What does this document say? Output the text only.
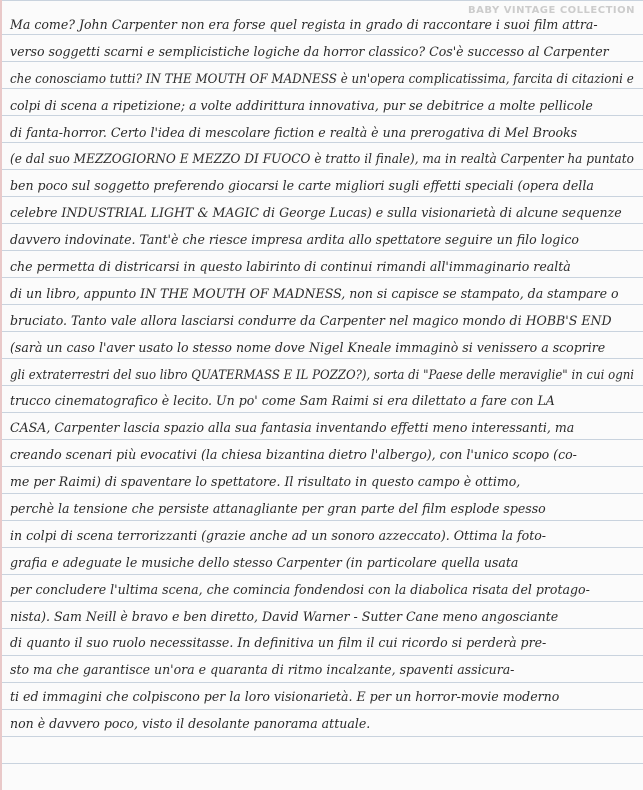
BABY VINTAGE COLLECTION
Ma come? John Carpenter non era forse quel regista in grado di raccontare i suoi film attra-
verso soggetti scarni e semplicistiche logiche da horror classico? Cos'è successo al Carpenter
che conosciamo tutti? IN THE MOUTH OF MADNESS è un'opera complicatissima, farcita di citazioni e
colpi di scena a ripetizione; a volte addirittura innovativa, pur se debitrice a molte pellicole
di fanta-horror. Certo l'idea di mescolare fiction e realtà è una prerogativa di Mel Brooks
(e dal suo MEZZOGIORNO E MEZZO DI FUOCO è tratto il finale), ma in realtà Carpenter ha puntato
ben poco sul soggetto preferendo giocarsi le carte migliori sugli effetti speciali (opera della
celebre INDUSTRIAL LIGHT & MAGIC di George Lucas) e sulla visionarietà di alcune sequenze
davvero indovinate. Tant'è che riesce impresa ardita allo spettatore seguire un filo logico
che permetta di districarsi in questo labirinto di continui rimandi all'immaginario realtà
di un libro, appunto IN THE MOUTH OF MADNESS, non si capisce se stampato, da stampare o
bruciato. Tanto vale allora lasciarsi condurre da Carpenter nel magico mondo di HOBB'S END
(sarà un caso l'aver usato lo stesso nome dove Nigel Kneale immaginò si venissero a scoprire
gli extraterrestri del suo libro QUATERMASS E IL POZZO?), sorta di "Paese delle meraviglie" in cui ogni
trucco cinematografico è lecito. Un po' come Sam Raimi si era dilettato a fare con LA
CASA, Carpenter lascia spazio alla sua fantasia inventando effetti meno interessanti, ma
creando scenari più evocativi (la chiesa bizantina dietro l'albergo), con l'unico scopo (co-
me per Raimi) di spaventare lo spettatore. Il risultato in questo campo è ottimo,
perchè la tensione che persiste attanagliante per gran parte del film esplode spesso
in colpi di scena terrorizzanti (grazie anche ad un sonoro azzeccato). Ottima la foto-
grafia e adeguate le musiche dello stesso Carpenter (in particolare quella usata
per concludere l'ultima scena, che comincia fondendosi con la diabolica risata del protago-
nista). Sam Neill è bravo e ben diretto, David Warner - Sutter Cane meno angosciante
di quanto il suo ruolo necessitasse. In definitiva un film il cui ricordo si perderà pre-
sto ma che garantisce un'ora e quaranta di ritmo incalzante, spaventi assicura-
ti ed immagini che colpiscono per la loro visionarietà. E per un horror-movie moderno
non è davvero poco, visto il desolante panorama attuale.
